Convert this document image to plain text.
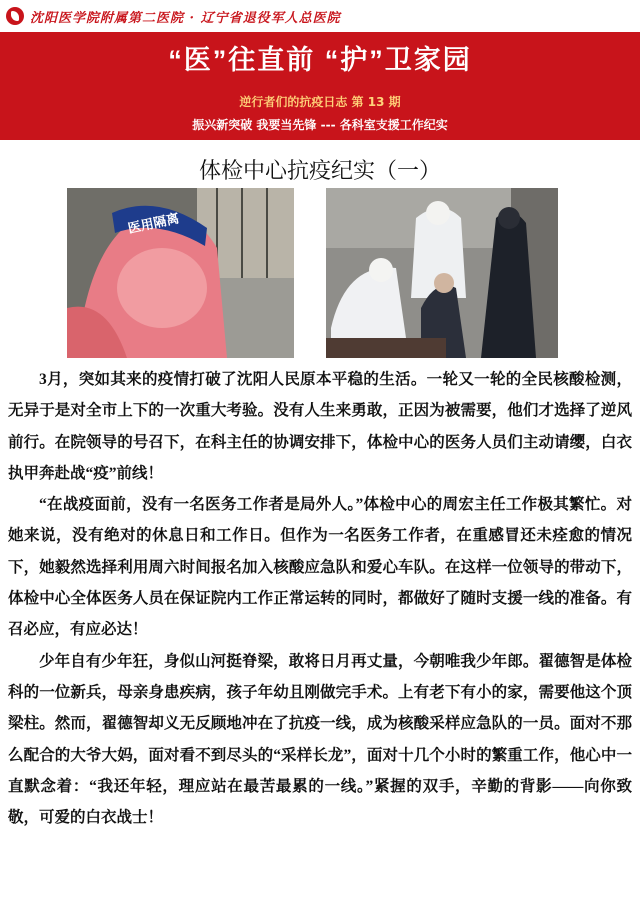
沈阳医学院附属第二医院 · 辽宁省退役军人总医院
“医”往直前 “护”卫家园
逆行者们的抗疫日志 第 13 期
振兴新突破 我要当先锋 --- 各科室支援工作纪实
体检中心抗疫纪实（一）
医用隔离

3月，突如其来的疫情打破了沈阳人民原本平稳的生活。一轮又一轮的全民核酸检测，无异于是对全市上下的一次重大考验。没有人生来勇敢，正因为被需要，他们才选择了逆风前行。在院领导的号召下，在科主任的协调安排下，体检中心的医务人员们主动请缨，白衣执甲奔赴战“疫”前线！

“在战疫面前，没有一名医务工作者是局外人。”体检中心的周宏主任工作极其繁忙。对她来说，没有绝对的休息日和工作日。但作为一名医务工作者，在重感冒还未痊愈的情况下，她毅然选择利用周六时间报名加入核酸应急队和爱心车队。在这样一位领导的带动下，体检中心全体医务人员在保证院内工作正常运转的同时，都做好了随时支援一线的准备。有召必应，有应必达！

少年自有少年狂，身似山河挺脊梁，敢将日月再丈量，今朝唯我少年郎。翟德智是体检科的一位新兵，母亲身患疾病，孩子年幼且刚做完手术。上有老下有小的家，需要他这个顶梁柱。然而，翟德智却义无反顾地冲在了抗疫一线，成为核酸采样应急队的一员。面对不那么配合的大爷大妈，面对看不到尽头的“采样长龙”，面对十几个小时的繁重工作，他心中一直默念着：“我还年轻，理应站在最苦最累的一线。”紧握的双手，辛勤的背影——向你致敬，可爱的白衣战士！
